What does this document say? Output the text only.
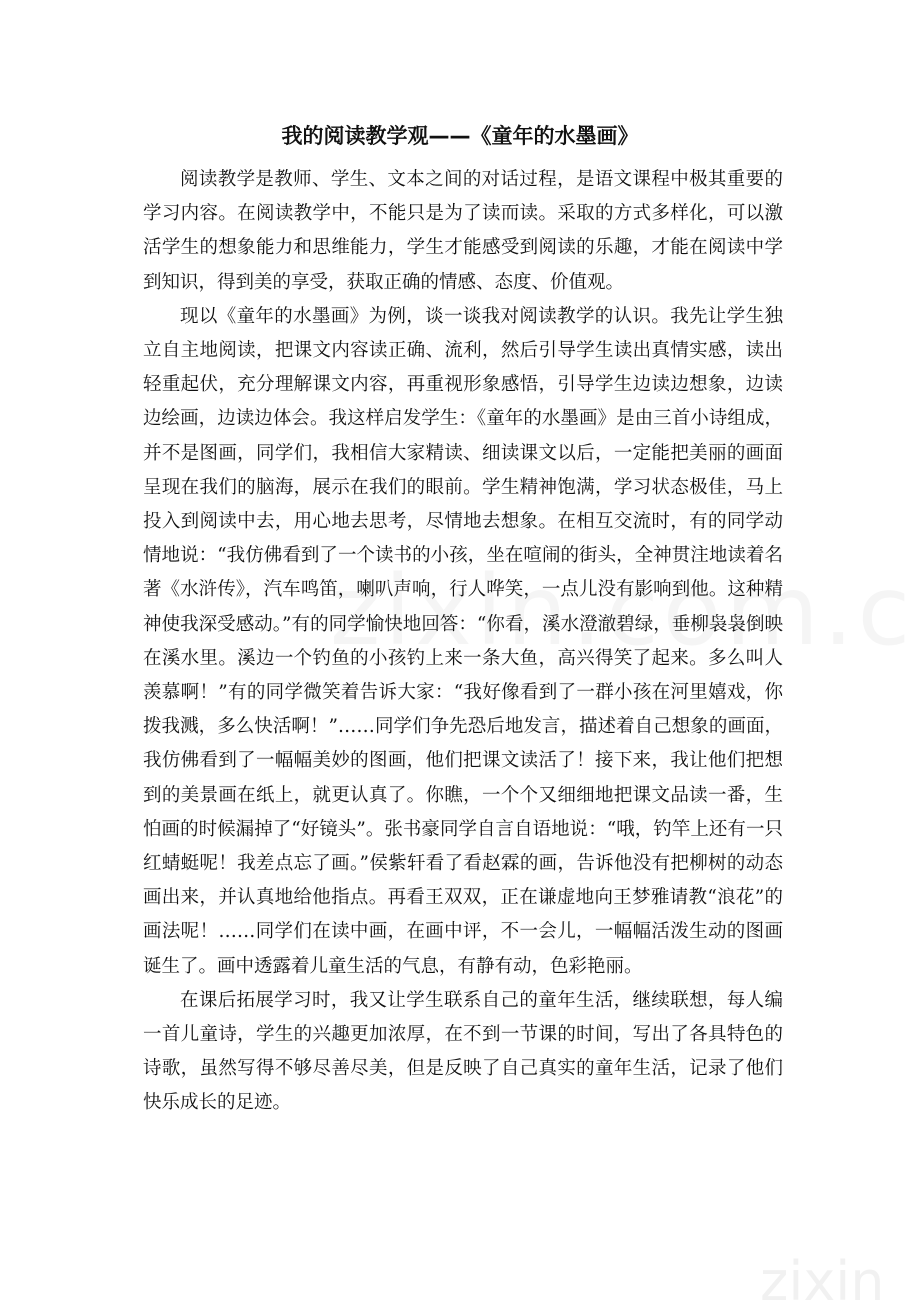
zixin
我的阅读教学观——《童年的水墨画》

阅读教学是教师、学生、文本之间的对话过程，是语文课程中极其重要的学习内容。在阅读教学中，不能只是为了读而读。采取的方式多样化，可以激活学生的想象能力和思维能力，学生才能感受到阅读的乐趣，才能在阅读中学到知识，得到美的享受，获取正确的情感、态度、价值观。

现以《童年的水墨画》为例，谈一谈我对阅读教学的认识。我先让学生独立自主地阅读，把课文内容读正确、流利，然后引导学生读出真情实感，读出轻重起伏，充分理解课文内容，再重视形象感悟，引导学生边读边想象，边读边绘画，边读边体会。我这样启发学生：《童年的水墨画》是由三首小诗组成，并不是图画，同学们，我相信大家精读、细读课文以后，一定能把美丽的画面呈现在我们的脑海，展示在我们的眼前。学生精神饱满，学习状态极佳，马上投入到阅读中去，用心地去思考，尽情地去想象。在相互交流时，有的同学动情地说：“我仿佛看到了一个读书的小孩，坐在喧闹的街头，全神贯注地读着名著《水浒传》，汽车鸣笛，喇叭声响，行人哗笑，一点儿没有影响到他。这种精神使我深受感动。”有的同学愉快地回答：“你看，溪水澄澈碧绿，垂柳袅袅倒映在溪水里。溪边一个钓鱼的小孩钓上来一条大鱼，高兴得笑了起来。多么叫人羡慕啊！”有的同学微笑着告诉大家：“我好像看到了一群小孩在河里嬉戏，你拨我溅，多么快活啊！”……同学们争先恐后地发言，描述着自己想象的画面，我仿佛看到了一幅幅美妙的图画，他们把课文读活了！接下来，我让他们把想到的美景画在纸上，就更认真了。你瞧，一个个又细细地把课文品读一番，生怕画的时候漏掉了“好镜头”。张书豪同学自言自语地说：“哦，钓竿上还有一只红蜻蜓呢！我差点忘了画。”侯紫轩看了看赵霖的画，告诉他没有把柳树的动态画出来，并认真地给他指点。再看王双双，正在谦虚地向王梦雅请教“浪花”的画法呢！……同学们在读中画，在画中评，不一会儿，一幅幅活泼生动的图画诞生了。画中透露着儿童生活的气息，有静有动，色彩艳丽。

在课后拓展学习时，我又让学生联系自己的童年生活，继续联想，每人编一首儿童诗，学生的兴趣更加浓厚，在不到一节课的时间，写出了各具特色的诗歌，虽然写得不够尽善尽美，但是反映了自己真实的童年生活，记录了他们快乐成长的足迹。
